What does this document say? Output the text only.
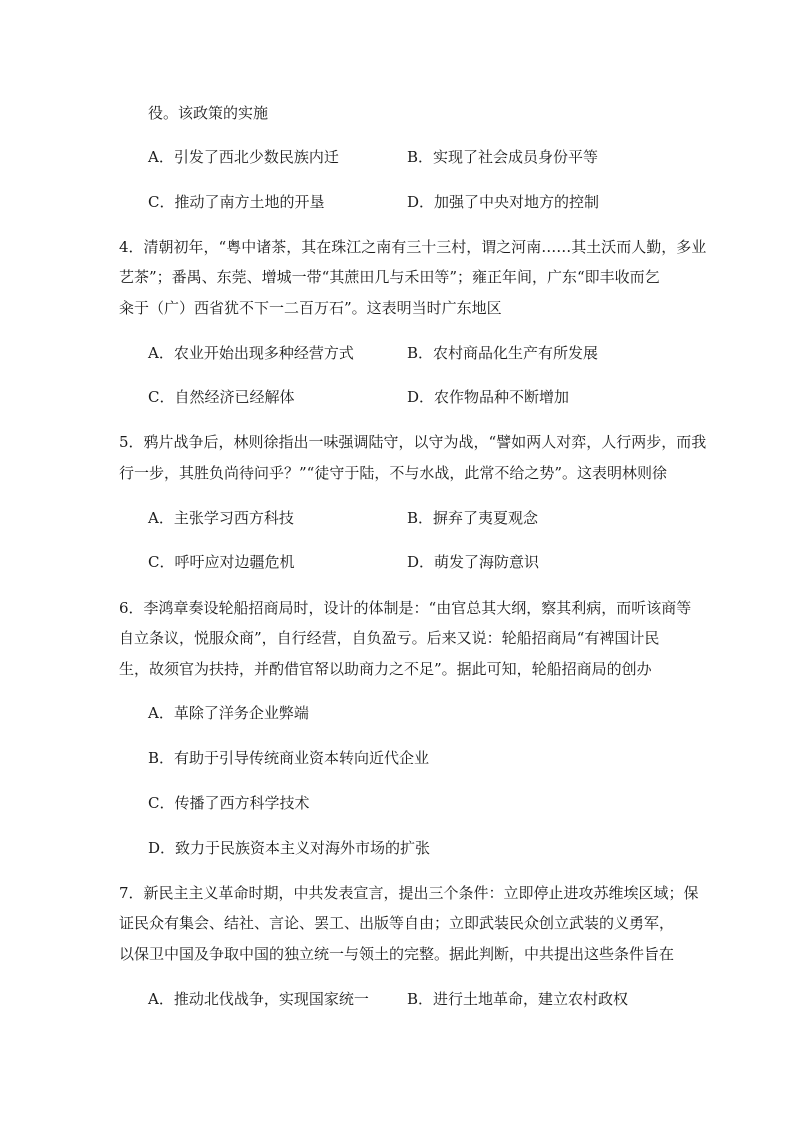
役。该政策的实施
A．引发了西北少数民族内迁	B．实现了社会成员身份平等
C．推动了南方土地的开垦	D．加强了中央对地方的控制
4．清朝初年，“粤中诸茶，其在珠江之南有三十三村，谓之河南……其土沃而人勤，多业
艺茶”；番禺、东莞、增城一带“其蔗田几与禾田等”；雍正年间，广东“即丰收而乞
籴于（广）西省犹不下一二百万石”。这表明当时广东地区
A．农业开始出现多种经营方式	B．农村商品化生产有所发展
C．自然经济已经解体	D．农作物品种不断增加
5．鸦片战争后，林则徐指出一味强调陆守，以守为战，“譬如两人对弈，人行两步，而我
行一步，其胜负尚待问乎？”“徒守于陆，不与水战，此常不给之势”。这表明林则徐
A．主张学习西方科技	B．摒弃了夷夏观念
C．呼吁应对边疆危机	D．萌发了海防意识
6．李鸿章奏设轮船招商局时，设计的体制是：“由官总其大纲，察其利病，而听该商等
自立条议，悦服众商”，自行经营，自负盈亏。后来又说：轮船招商局“有裨国计民
生，故须官为扶持，并酌借官帑以助商力之不足”。据此可知，轮船招商局的创办
A．革除了洋务企业弊端
B．有助于引导传统商业资本转向近代企业
C．传播了西方科学技术
D．致力于民族资本主义对海外市场的扩张
7．新民主主义革命时期，中共发表宣言，提出三个条件：立即停止进攻苏维埃区域；保
证民众有集会、结社、言论、罢工、出版等自由；立即武装民众创立武装的义勇军，
以保卫中国及争取中国的独立统一与领土的完整。据此判断，中共提出这些条件旨在
A．推动北伐战争，实现国家统一	B．进行土地革命，建立农村政权
